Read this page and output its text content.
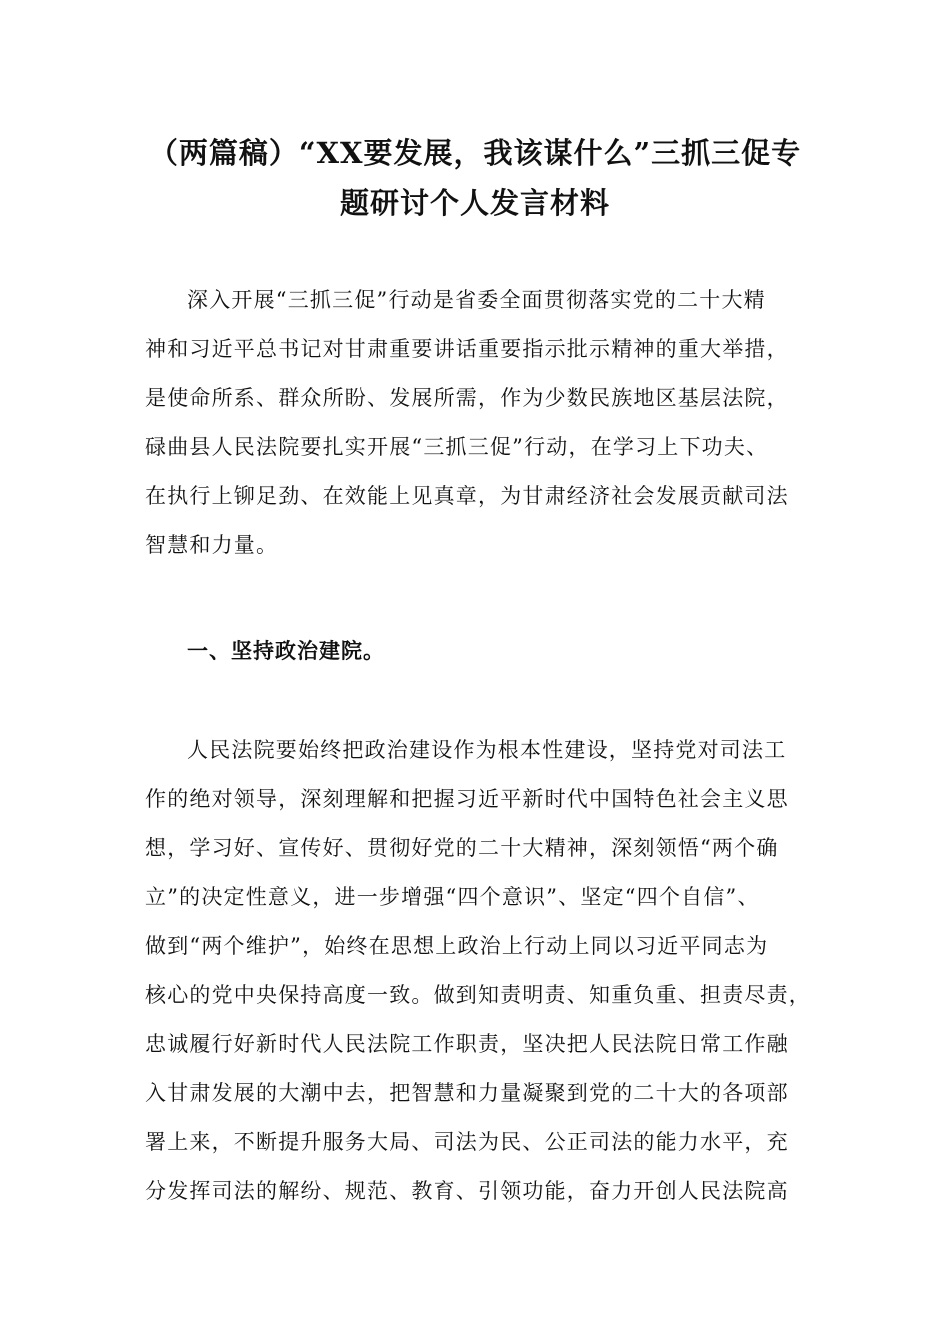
（两篇稿）“XX要发展，我该谋什么”三抓三促专
题研讨个人发言材料
深入开展“三抓三促”行动是省委全面贯彻落实党的二十大精
神和习近平总书记对甘肃重要讲话重要指示批示精神的重大举措，
是使命所系、群众所盼、发展所需，作为少数民族地区基层法院，
碌曲县人民法院要扎实开展“三抓三促”行动，在学习上下功夫、
在执行上铆足劲、在效能上见真章，为甘肃经济社会发展贡献司法
智慧和力量。
一、坚持政治建院。
人民法院要始终把政治建设作为根本性建设，坚持党对司法工
作的绝对领导，深刻理解和把握习近平新时代中国特色社会主义思
想，学习好、宣传好、贯彻好党的二十大精神，深刻领悟“两个确
立”的决定性意义，进一步增强“四个意识”、坚定“四个自信”、
做到“两个维护”，始终在思想上政治上行动上同以习近平同志为
核心的党中央保持高度一致。做到知责明责、知重负重、担责尽责，
忠诚履行好新时代人民法院工作职责，坚决把人民法院日常工作融
入甘肃发展的大潮中去，把智慧和力量凝聚到党的二十大的各项部
署上来，不断提升服务大局、司法为民、公正司法的能力水平，充
分发挥司法的解纷、规范、教育、引领功能，奋力开创人民法院高
